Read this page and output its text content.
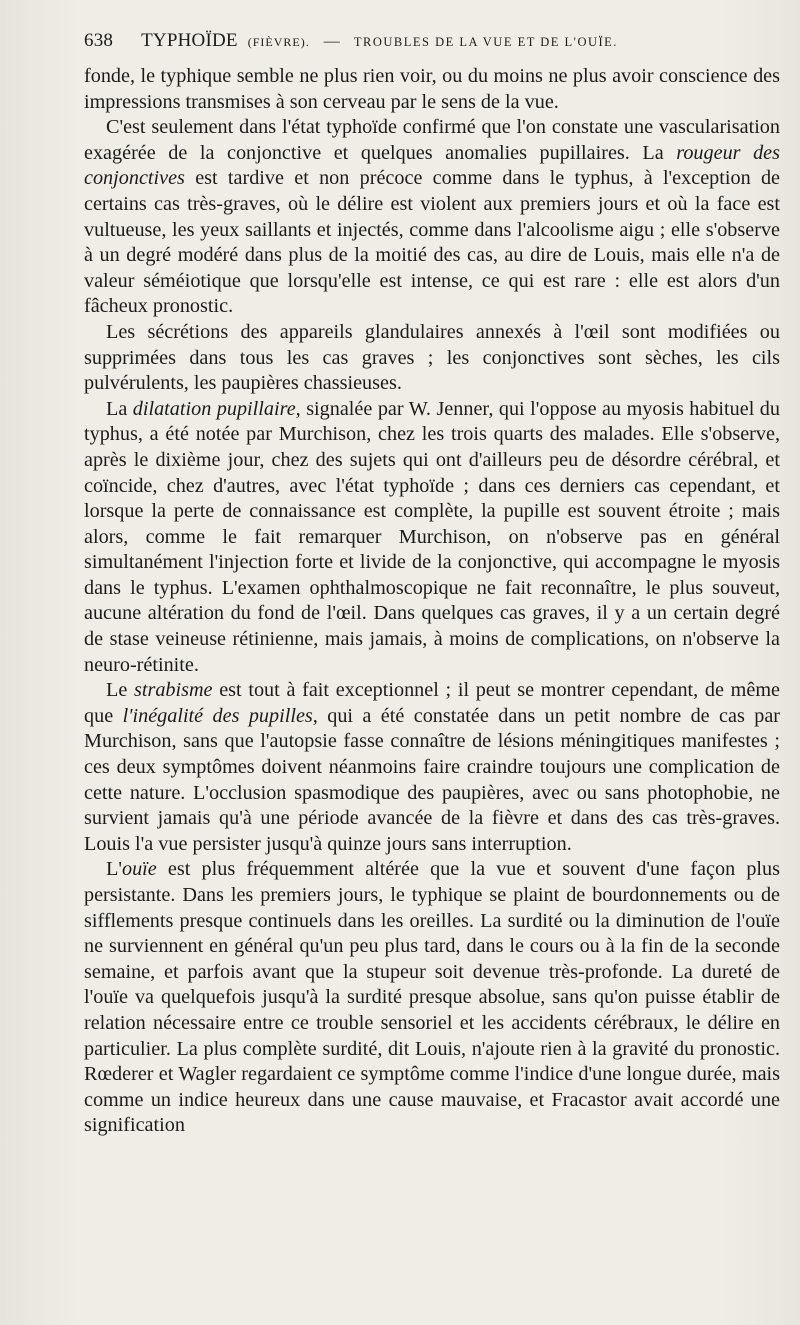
638 TYPHOÏDE (FIÈVRE). — TROUBLES DE LA VUE ET DE L'OUÏE.

fonde, le typhique semble ne plus rien voir, ou du moins ne plus avoir conscience des impressions transmises à son cerveau par le sens de la vue.

C'est seulement dans l'état typhoïde confirmé que l'on constate une vascularisation exagérée de la conjonctive et quelques anomalies pupillaires. La rougeur des conjonctives est tardive et non précoce comme dans le typhus, à l'exception de certains cas très-graves, où le délire est violent aux premiers jours et où la face est vultueuse, les yeux saillants et injectés, comme dans l'alcoolisme aigu ; elle s'observe à un degré modéré dans plus de la moitié des cas, au dire de Louis, mais elle n'a de valeur séméiotique que lorsqu'elle est intense, ce qui est rare : elle est alors d'un fâcheux pronostic.

Les sécrétions des appareils glandulaires annexés à l'œil sont modifiées ou supprimées dans tous les cas graves ; les conjonctives sont sèches, les cils pulvérulents, les paupières chassieuses.

La dilatation pupillaire, signalée par W. Jenner, qui l'oppose au myosis habituel du typhus, a été notée par Murchison, chez les trois quarts des malades. Elle s'observe, après le dixième jour, chez des sujets qui ont d'ailleurs peu de désordre cérébral, et coïncide, chez d'autres, avec l'état typhoïde ; dans ces derniers cas cependant, et lorsque la perte de connaissance est complète, la pupille est souvent étroite ; mais alors, comme le fait remarquer Murchison, on n'observe pas en général simultanément l'injection forte et livide de la conjonctive, qui accompagne le myosis dans le typhus. L'examen ophthalmoscopique ne fait reconnaître, le plus souveut, aucune altération du fond de l'œil. Dans quelques cas graves, il y a un certain degré de stase veineuse rétinienne, mais jamais, à moins de complications, on n'observe la neuro-rétinite.

Le strabisme est tout à fait exceptionnel ; il peut se montrer cependant, de même que l'inégalité des pupilles, qui a été constatée dans un petit nombre de cas par Murchison, sans que l'autopsie fasse connaître de lésions méningitiques manifestes ; ces deux symptômes doivent néanmoins faire craindre toujours une complication de cette nature. L'occlusion spasmodique des paupières, avec ou sans photophobie, ne survient jamais qu'à une période avancée de la fièvre et dans des cas très-graves. Louis l'a vue persister jusqu'à quinze jours sans interruption.

L'ouïe est plus fréquemment altérée que la vue et souvent d'une façon plus persistante. Dans les premiers jours, le typhique se plaint de bourdonnements ou de sifflements presque continuels dans les oreilles. La surdité ou la diminution de l'ouïe ne surviennent en général qu'un peu plus tard, dans le cours ou à la fin de la seconde semaine, et parfois avant que la stupeur soit devenue très-profonde. La dureté de l'ouïe va quelquefois jusqu'à la surdité presque absolue, sans qu'on puisse établir de relation nécessaire entre ce trouble sensoriel et les accidents cérébraux, le délire en particulier. La plus complète surdité, dit Louis, n'ajoute rien à la gravité du pronostic. Rœderer et Wagler regardaient ce symptôme comme l'indice d'une longue durée, mais comme un indice heureux dans une cause mauvaise, et Fracastor avait accordé une signification
